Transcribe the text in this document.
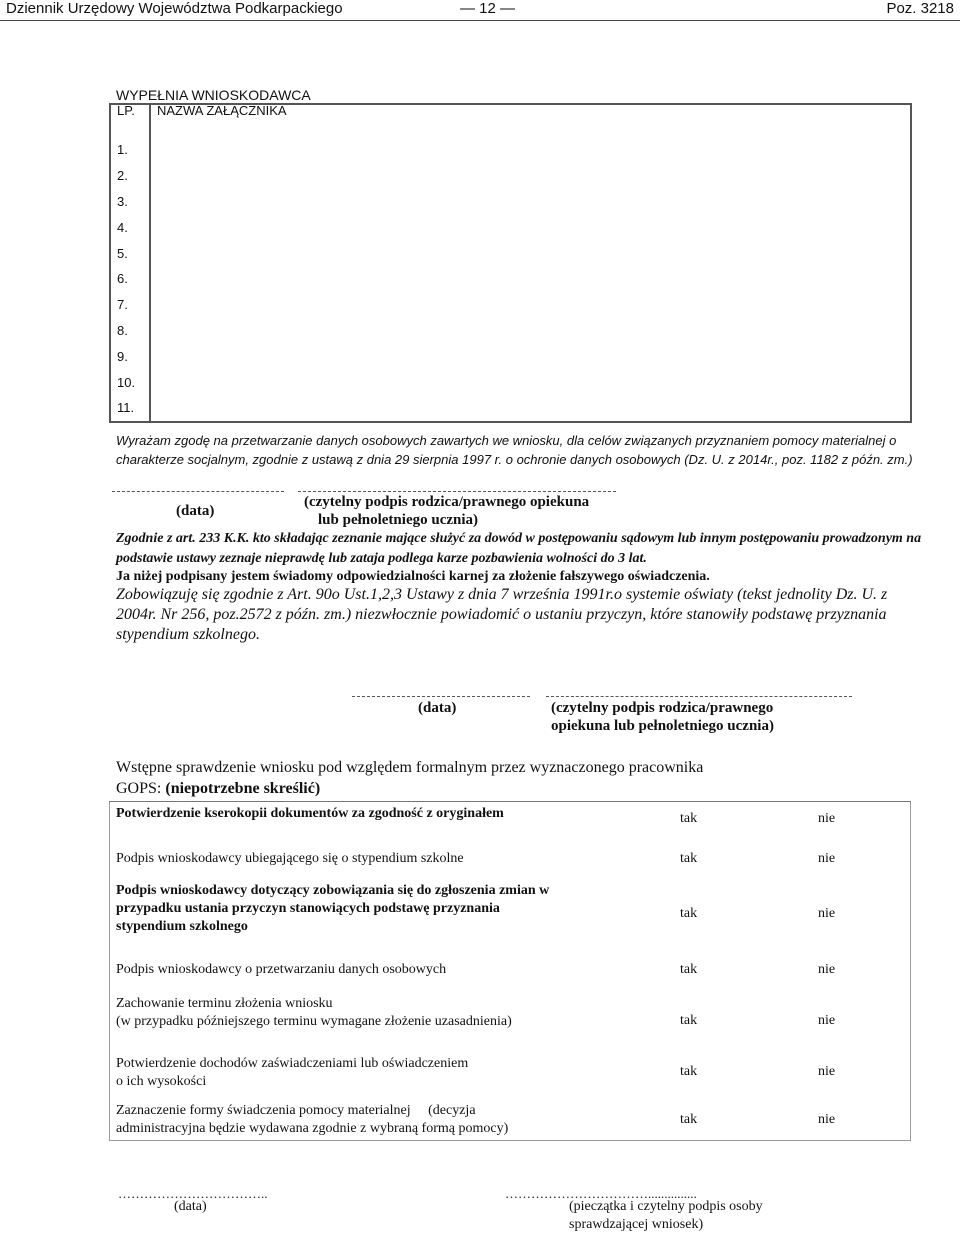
Dziennik Urzędowy Województwa Podkarpackiego	— 12 —	Poz. 3218
WYPEŁNIA WNIOSKODAWCA
LP.	NAZWA ZAŁĄCZNIKA

1.	
2.	
3.	
4.	
5.	
6.	
7.	
8.	
9.	
10.	
11.	
Wyrażam zgodę na przetwarzanie danych osobowych zawartych we wniosku, dla celów związanych przyznaniem pomocy materialnej o charakterze socjalnym, zgodnie z ustawą z dnia 29 sierpnia 1997 r. o ochronie danych osobowych (Dz. U. z 2014r., poz. 1182 z późn. zm.)
(data)
(czytelny podpis rodzica/prawnego opiekuna
lub pełnoletniego ucznia)
Zgodnie z art. 233 K.K. kto składając zeznanie mające służyć za dowód w postępowaniu sądowym lub innym postępowaniu prowadzonym na podstawie ustawy zeznaje nieprawdę lub zataja podlega karze pozbawienia wolności do 3 lat.
Ja niżej podpisany jestem świadomy odpowiedzialności karnej za złożenie fałszywego oświadczenia.
Zobowiązuję się zgodnie z Art. 90o Ust.1,2,3 Ustawy z dnia 7 września 1991r.o systemie oświaty (tekst jednolity Dz. U. z 2004r. Nr 256, poz.2572 z późn. zm.) niezwłocznie powiadomić o ustaniu przyczyn, które stanowiły podstawę przyznania stypendium szkolnego.
(data)	(czytelny podpis rodzica/prawnego
opiekuna lub pełnoletniego ucznia)
Wstępne sprawdzenie wniosku pod względem formalnym przez wyznaczonego pracownika GOPS: (niepotrzebne skreślić)
Potwierdzenie kserokopii dokumentów za zgodność z oryginałem	tak	nie
Podpis wnioskodawcy ubiegającego się o stypendium szkolne	tak	nie
Podpis wnioskodawcy dotyczący zobowiązania się do zgłoszenia zmian w
przypadku ustania przyczyn stanowiących podstawę przyznania
stypendium szkolnego
tak	nie
Podpis wnioskodawcy o przetwarzaniu danych osobowych	tak	nie
Zachowanie terminu złożenia wniosku
(w przypadku późniejszego terminu wymagane złożenie uzasadnienia)	tak	nie
Potwierdzenie dochodów zaświadczeniami lub oświadczeniem
o ich wysokości
tak	nie
Zaznaczenie formy świadczenia pomocy materialnej     (decyzja
administracyjna będzie wydawana zgodnie z wybraną formą pomocy)
tak	nie
……………………………..
(data)
……………………………...............
(pieczątka i czytelny podpis osoby
sprawdzającej wniosek)
